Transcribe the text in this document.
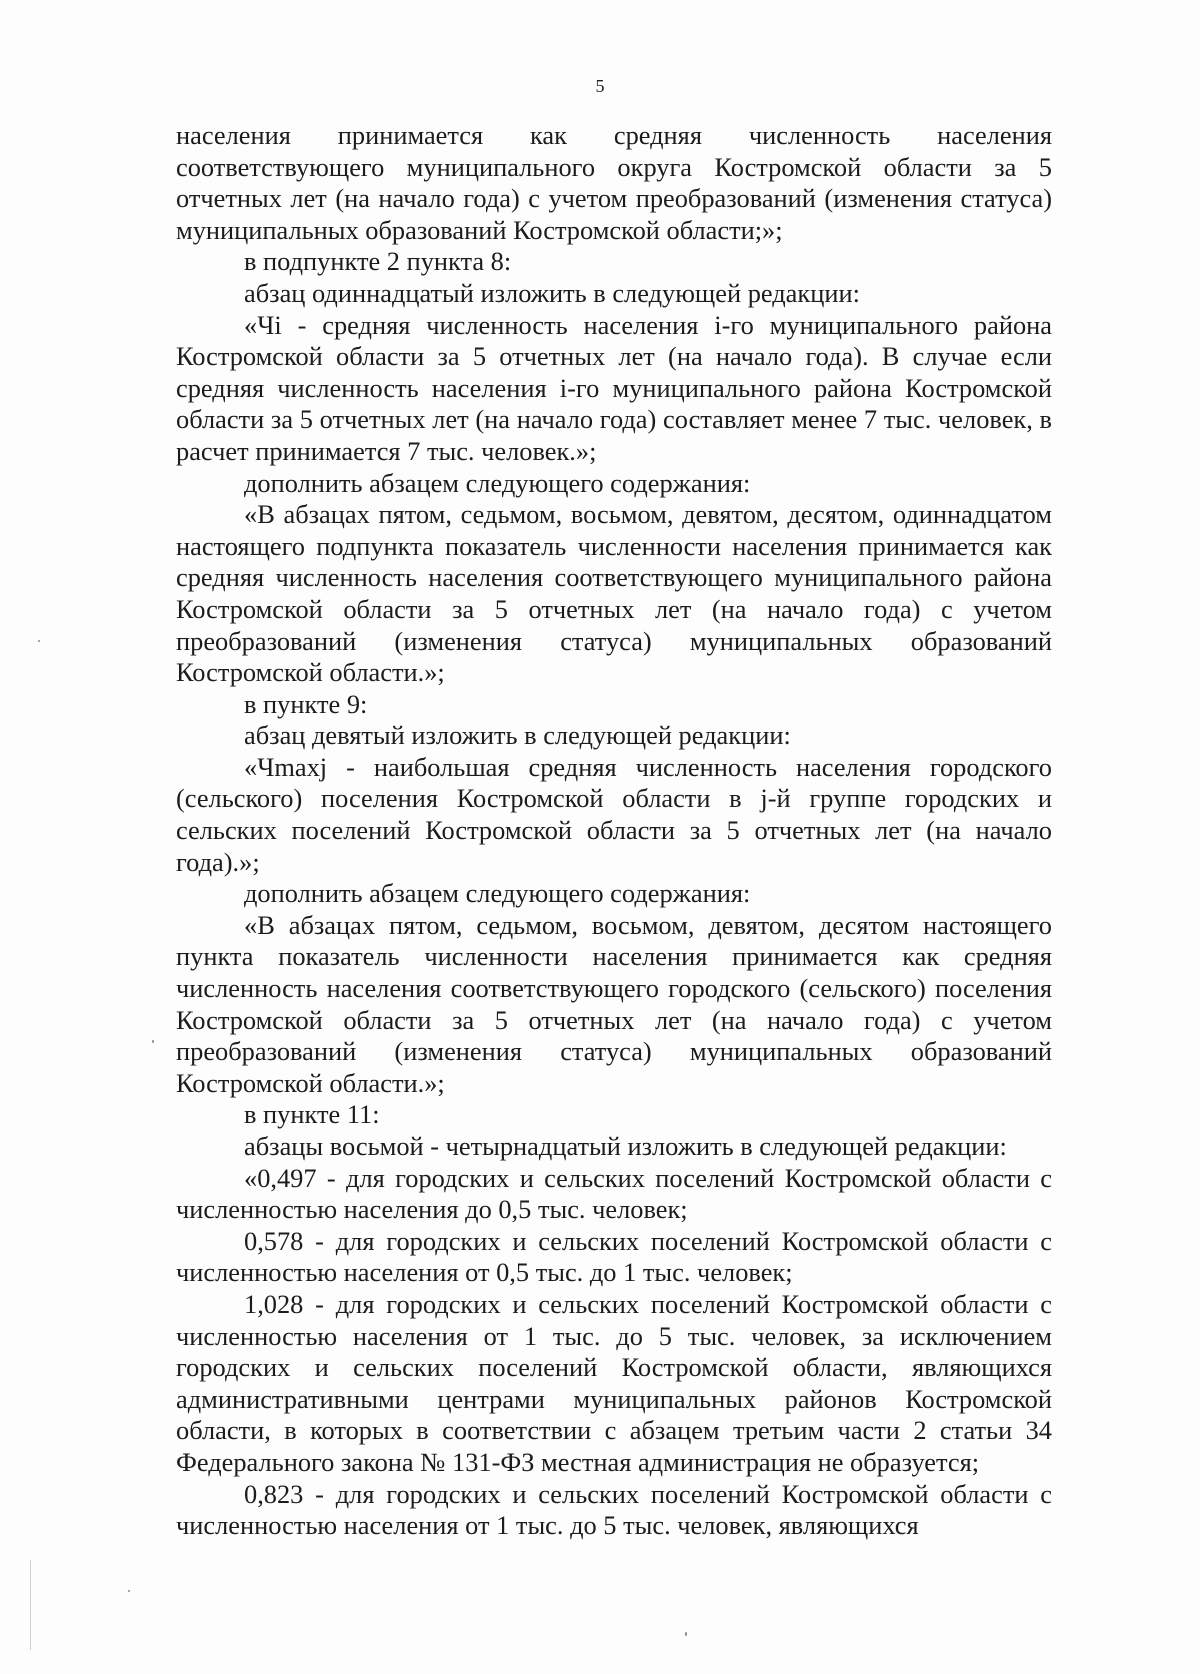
5

населения принимается как средняя численность населения соответствующего муниципального округа Костромской области за 5 отчетных лет (на начало года) с учетом преобразований (изменения статуса) муниципальных образований Костромской области;»;

в подпункте 2 пункта 8:

абзац одиннадцатый изложить в следующей редакции:

«Чi - средняя численность населения i-го муниципального района Костромской области за 5 отчетных лет (на начало года). В случае если средняя численность населения i-го муниципального района Костромской области за 5 отчетных лет (на начало года) составляет менее 7 тыс. человек, в расчет принимается 7 тыс. человек.»;

дополнить абзацем следующего содержания:

«В абзацах пятом, седьмом, восьмом, девятом, десятом, одиннадцатом настоящего подпункта показатель численности населения принимается как средняя численность населения соответствующего муниципального района Костромской области за 5 отчетных лет (на начало года) с учетом преобразований (изменения статуса) муниципальных образований Костромской области.»;

в пункте 9:

абзац девятый изложить в следующей редакции:

«Чmaxj - наибольшая средняя численность населения городского (сельского) поселения Костромской области в j-й группе городских и сельских поселений Костромской области за 5 отчетных лет (на начало года).»;

дополнить абзацем следующего содержания:

«В абзацах пятом, седьмом, восьмом, девятом, десятом настоящего пункта показатель численности населения принимается как средняя численность населения соответствующего городского (сельского) поселения Костромской области за 5 отчетных лет (на начало года) с учетом преобразований (изменения статуса) муниципальных образований Костромской области.»;

в пункте 11:

абзацы восьмой - четырнадцатый изложить в следующей редакции:

«0,497 - для городских и сельских поселений Костромской области с численностью населения до 0,5 тыс. человек;

0,578 - для городских и сельских поселений Костромской области с численностью населения от 0,5 тыс. до 1 тыс. человек;

1,028 - для городских и сельских поселений Костромской области с численностью населения от 1 тыс. до 5 тыс. человек, за исключением городских и сельских поселений Костромской области, являющихся административными центрами муниципальных районов Костромской области, в которых в соответствии с абзацем третьим части 2 статьи 34 Федерального закона № 131-ФЗ местная администрация не образуется;

0,823 - для городских и сельских поселений Костромской области с численностью населения от 1 тыс. до 5 тыс. человек, являющихся
